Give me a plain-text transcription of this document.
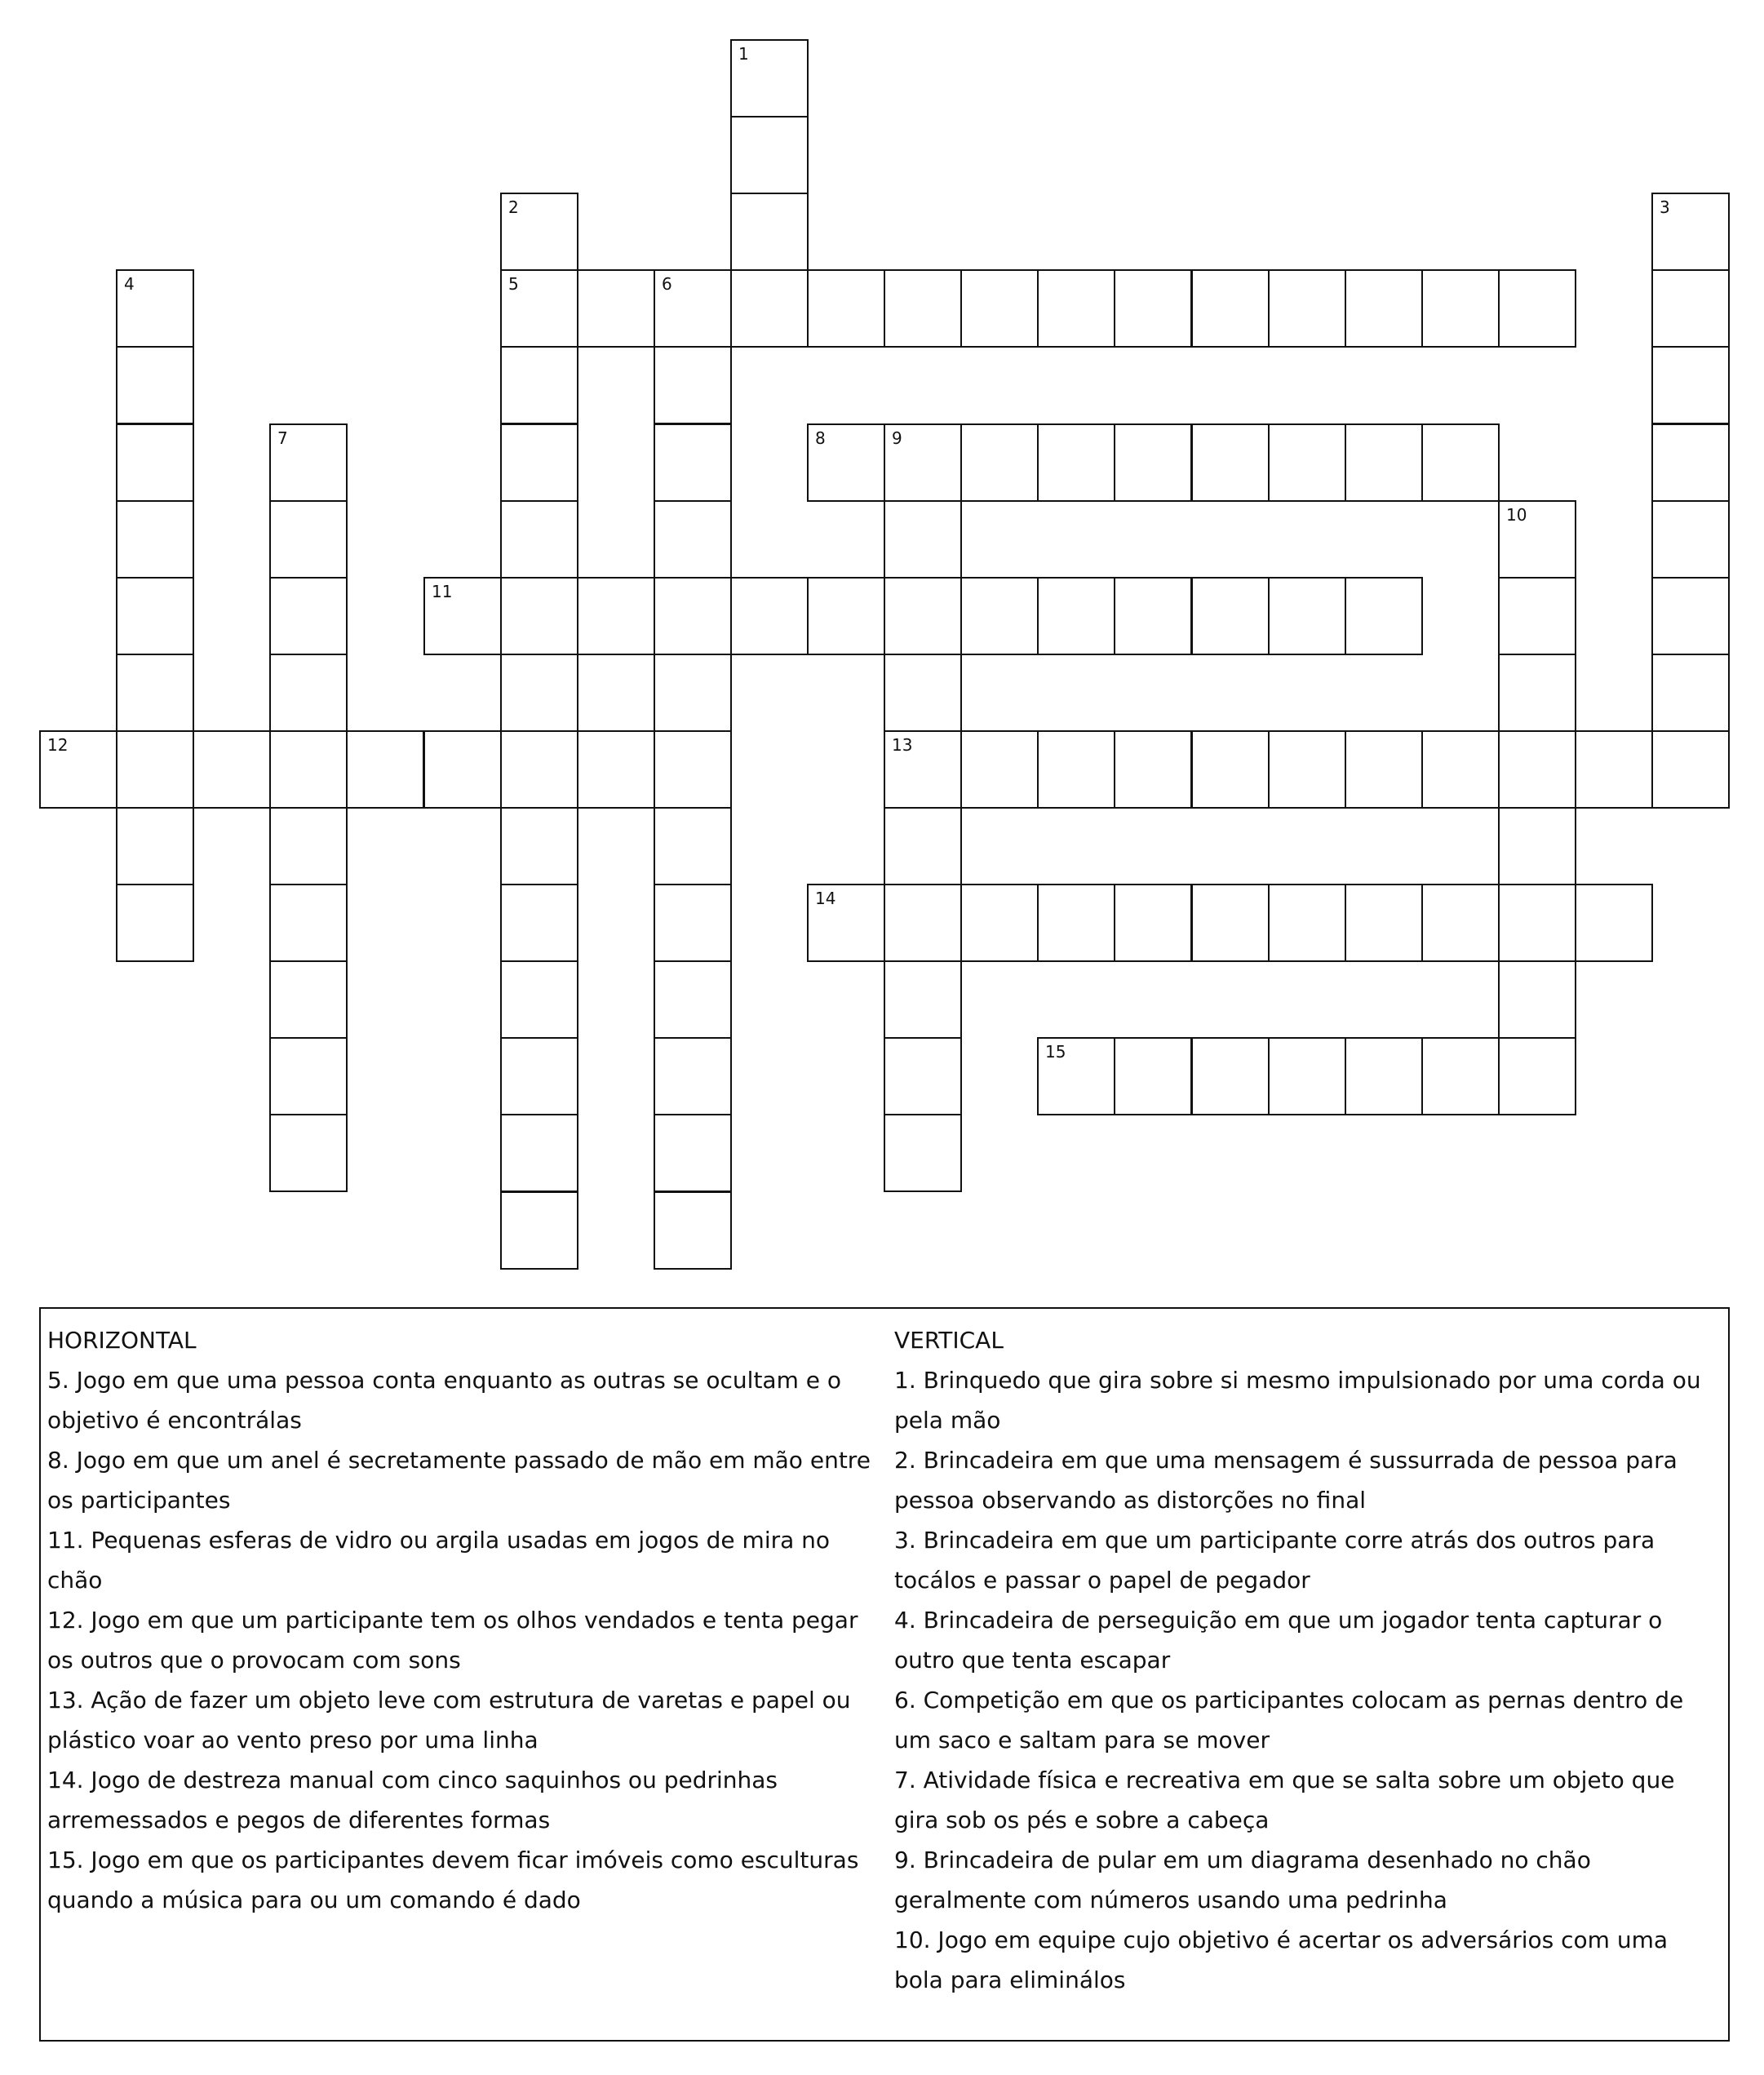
1
2
5
3
4	6
7	8	9
13
10
11
12
14
15

HORIZONTAL

5. Jogo em que uma pessoa conta enquanto as outras se ocultam e o objetivo é encontrálas

8. Jogo em que um anel é secretamente passado de mão em mão entre os participantes

11. Pequenas esferas de vidro ou argila usadas em jogos de mira no chão

12. Jogo em que um participante tem os olhos vendados e tenta pegar os outros que o provocam com sons

13. Ação de fazer um objeto leve com estrutura de varetas e papel ou plástico voar ao vento preso por uma linha

14. Jogo de destreza manual com cinco saquinhos ou pedrinhas arremessados e pegos de diferentes formas

15. Jogo em que os participantes devem ficar imóveis como esculturas quando a música para ou um comando é dado

VERTICAL

1. Brinquedo que gira sobre si mesmo impulsionado por uma corda ou pela mão

2. Brincadeira em que uma mensagem é sussurrada de pessoa para pessoa observando as distorções no final

3. Brincadeira em que um participante corre atrás dos outros para tocálos e passar o papel de pegador

4. Brincadeira de perseguição em que um jogador tenta capturar o outro que tenta escapar

6. Competição em que os participantes colocam as pernas dentro de um saco e saltam para se mover

7. Atividade física e recreativa em que se salta sobre um objeto que gira sob os pés e sobre a cabeça

9. Brincadeira de pular em um diagrama desenhado no chão geralmente com números usando uma pedrinha

10. Jogo em equipe cujo objetivo é acertar os adversários com uma bola para eliminálos
